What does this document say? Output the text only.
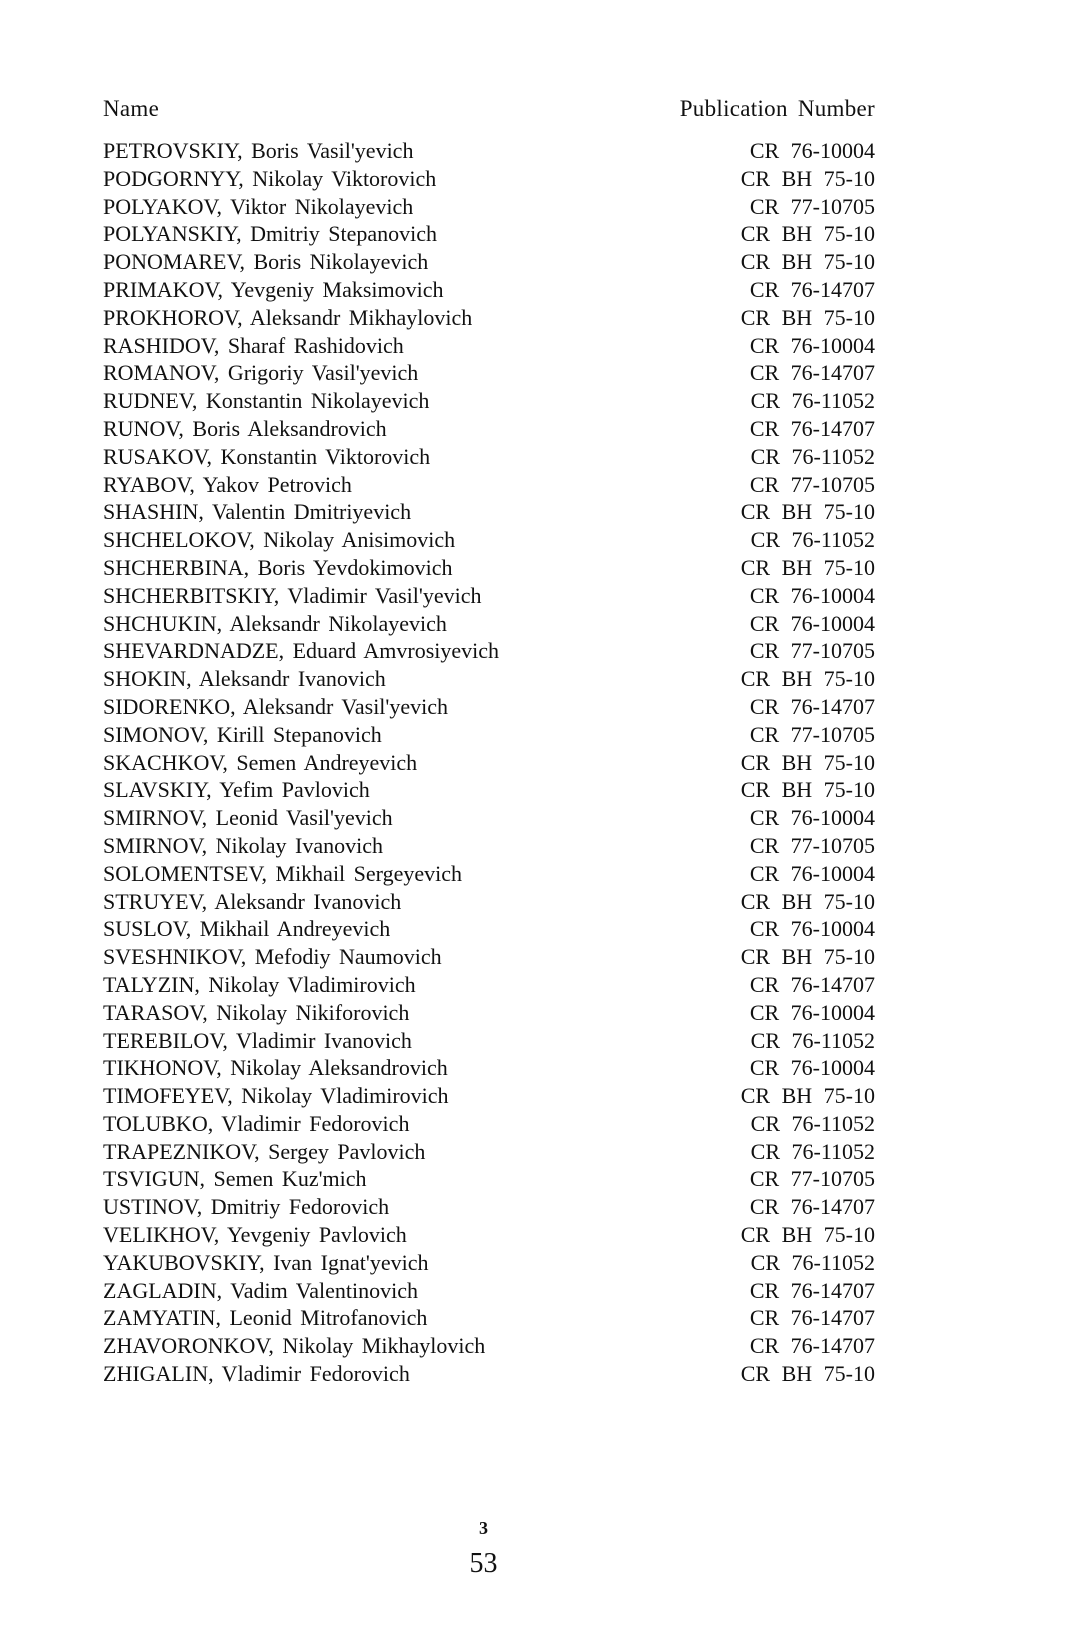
Name	Publication Number
PETROVSKIY, Boris Vasil'yevich	CR 76-10004
PODGORNYY, Nikolay Viktorovich	CR BH 75-10
POLYAKOV, Viktor Nikolayevich	CR 77-10705
POLYANSKIY, Dmitriy Stepanovich	CR BH 75-10
PONOMAREV, Boris Nikolayevich	CR BH 75-10
PRIMAKOV, Yevgeniy Maksimovich	CR 76-14707
PROKHOROV, Aleksandr Mikhaylovich	CR BH 75-10
RASHIDOV, Sharaf Rashidovich	CR 76-10004
ROMANOV, Grigoriy Vasil'yevich	CR 76-14707
RUDNEV, Konstantin Nikolayevich	CR 76-11052
RUNOV, Boris Aleksandrovich	CR 76-14707
RUSAKOV, Konstantin Viktorovich	CR 76-11052
RYABOV, Yakov Petrovich	CR 77-10705
SHASHIN, Valentin Dmitriyevich	CR BH 75-10
SHCHELOKOV, Nikolay Anisimovich	CR 76-11052
SHCHERBINA, Boris Yevdokimovich	CR BH 75-10
SHCHERBITSKIY, Vladimir Vasil'yevich	CR 76-10004
SHCHUKIN, Aleksandr Nikolayevich	CR 76-10004
SHEVARDNADZE, Eduard Amvrosiyevich	CR 77-10705
SHOKIN, Aleksandr Ivanovich	CR BH 75-10
SIDORENKO, Aleksandr Vasil'yevich	CR 76-14707
SIMONOV, Kirill Stepanovich	CR 77-10705
SKACHKOV, Semen Andreyevich	CR BH 75-10
SLAVSKIY, Yefim Pavlovich	CR BH 75-10
SMIRNOV, Leonid Vasil'yevich	CR 76-10004
SMIRNOV, Nikolay Ivanovich	CR 77-10705
SOLOMENTSEV, Mikhail Sergeyevich	CR 76-10004
STRUYEV, Aleksandr Ivanovich	CR BH 75-10
SUSLOV, Mikhail Andreyevich	CR 76-10004
SVESHNIKOV, Mefodiy Naumovich	CR BH 75-10
TALYZIN, Nikolay Vladimirovich	CR 76-14707
TARASOV, Nikolay Nikiforovich	CR 76-10004
TEREBILOV, Vladimir Ivanovich	CR 76-11052
TIKHONOV, Nikolay Aleksandrovich	CR 76-10004
TIMOFEYEV, Nikolay Vladimirovich	CR BH 75-10
TOLUBKO, Vladimir Fedorovich	CR 76-11052
TRAPEZNIKOV, Sergey Pavlovich	CR 76-11052
TSVIGUN, Semen Kuz'mich	CR 77-10705
USTINOV, Dmitriy Fedorovich	CR 76-14707
VELIKHOV, Yevgeniy Pavlovich	CR BH 75-10
YAKUBOVSKIY, Ivan Ignat'yevich	CR 76-11052
ZAGLADIN, Vadim Valentinovich	CR 76-14707
ZAMYATIN, Leonid Mitrofanovich	CR 76-14707
ZHAVORONKOV, Nikolay Mikhaylovich	CR 76-14707
ZHIGALIN, Vladimir Fedorovich	CR BH 75-10
3
53
